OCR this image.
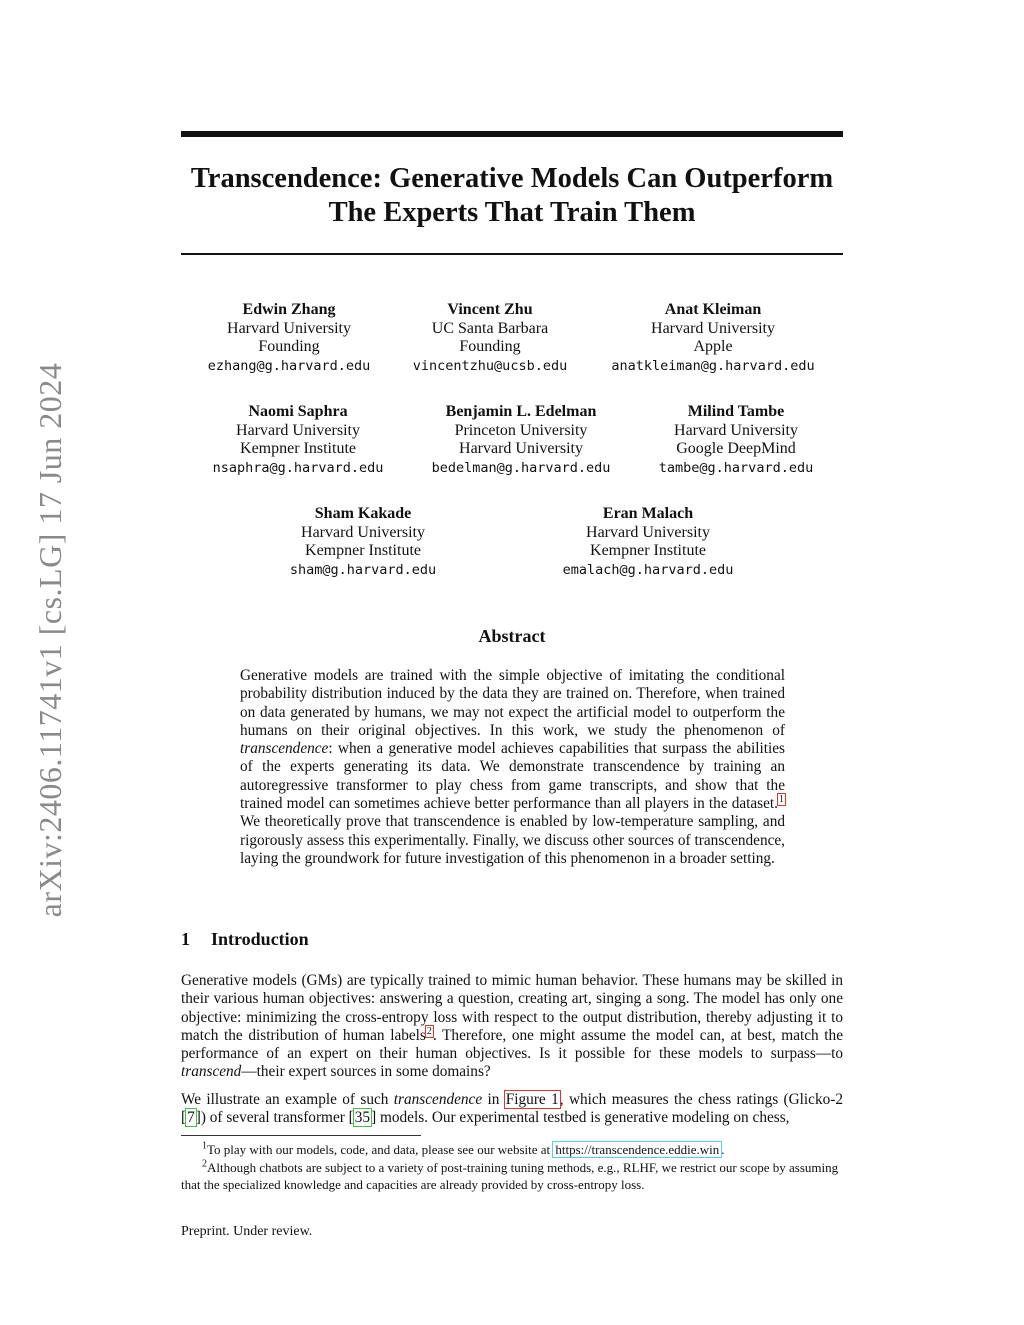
arXiv:2406.11741v1 [cs.LG] 17 Jun 2024
Transcendence: Generative Models Can Outperform
The Experts That Train Them
Edwin Zhang
Harvard University
Founding
ezhang@g.harvard.edu
Vincent Zhu
UC Santa Barbara
Founding
vincentzhu@ucsb.edu
Anat Kleiman
Harvard University
Apple
anatkleiman@g.harvard.edu
Naomi Saphra
Harvard University
Kempner Institute
nsaphra@g.harvard.edu
Benjamin L. Edelman
Princeton University
Harvard University
bedelman@g.harvard.edu
Milind Tambe
Harvard University
Google DeepMind
tambe@g.harvard.edu
Sham Kakade
Harvard University
Kempner Institute
sham@g.harvard.edu
Eran Malach
Harvard University
Kempner Institute
emalach@g.harvard.edu
Abstract
Generative models are trained with the simple objective of imitating the conditional probability distribution induced by the data they are trained on. Therefore, when trained on data generated by humans, we may not expect the artificial model to outperform the humans on their original objectives. In this work, we study the phenomenon of transcendence: when a generative model achieves capabilities that surpass the abilities of the experts generating its data. We demonstrate transcendence by training an autoregressive transformer to play chess from game transcripts, and show that the trained model can sometimes achieve better performance than all players in the dataset.$^1$ We theoretically prove that transcendence is enabled by low-temperature sampling, and rigorously assess this experimentally. Finally, we discuss other sources of transcendence, laying the groundwork for future investigation of this phenomenon in a broader setting.
1 Introduction
Generative models (GMs) are typically trained to mimic human behavior. These humans may be skilled in their various human objectives: answering a question, creating art, singing a song. The model has only one objective: minimizing the cross-entropy loss with respect to the output distribution, thereby adjusting it to match the distribution of human labels$^2$. Therefore, one might assume the model can, at best, match the performance of an expert on their human objectives. Is it possible for these models to surpass—to transcend—their expert sources in some domains?
We illustrate an example of such transcendence in Figure 1, which measures the chess ratings (Glicko-2 [7]) of several transformer [35] models. Our experimental testbed is generative modeling on chess,
$^1$To play with our models, code, and data, please see our website at https://transcendence.eddie.win .
$^2$Although chatbots are subject to a variety of post-training tuning methods, e.g., RLHF, we restrict our scope by assuming that the specialized knowledge and capacities are already provided by cross-entropy loss.
Preprint. Under review.
